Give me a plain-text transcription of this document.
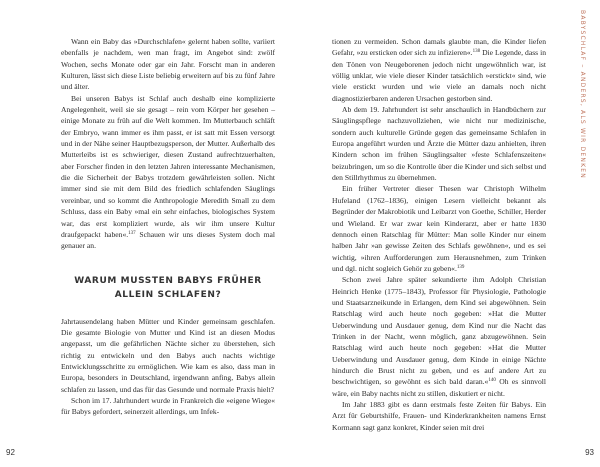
Wann ein Baby das »Durchschlafen« gelernt haben sollte, variiert ebenfalls je nachdem, wen man fragt, im Angebot sind: zwölf Wochen, sechs Monate oder gar ein Jahr. Forscht man in anderen Kulturen, lässt sich diese Liste beliebig erweitern auf bis zu fünf Jahre und älter.

Bei unseren Babys ist Schlaf auch deshalb eine komplizierte Angelegenheit, weil sie sie gesagt – rein vom Körper her gesehen – einige Monate zu früh auf die Welt kommen. Im Mutterbauch schläft der Embryo, wann immer es ihm passt, er ist satt mit Essen versorgt und in der Nähe seiner Hauptbezugsperson, der Mutter. Außerhalb des Mutterleibs ist es schwieriger, diesen Zustand aufrechtzuerhalten, aber Forscher finden in den letzten Jahren interessante Mechanismen, die die Sicherheit der Babys trotzdem gewährleisten sollen. Nicht immer sind sie mit dem Bild des friedlich schlafenden Säuglings vereinbar, und so kommt die Anthropologie Meredith Small zu dem Schluss, dass ein Baby »mal ein sehr einfaches, biologisches System war, das erst kompliziert wurde, als wir ihm unsere Kultur draufgepackt haben«.$^{137}$ Schauen wir uns dieses System doch mal genauer an.

WARUM MUSSTEN BABYS FRÜHER
ALLEIN SCHLAFEN?

Jahrtausendelang haben Mütter und Kinder gemeinsam geschlafen. Die gesamte Biologie von Mutter und Kind ist an diesen Modus angepasst, um die gefährlichen Nächte sicher zu überstehen, sich richtig zu entwickeln und den Babys auch nachts wichtige Entwicklungsschritte zu ermöglichen. Wie kam es also, dass man in Europa, besonders in Deutschland, irgendwann anfing, Babys allein schlafen zu lassen, und das für das Gesunde und normale Praxis hielt?

Schon im 17. Jahrhundert wurde in Frankreich die »eigene Wiege« für Babys gefordert, seinerzeit allerdings, um Infek-

92

tionen zu vermeiden. Schon damals glaubte man, die Kinder liefen Gefahr, »zu ersticken oder sich zu infizieren«.$^{138}$ Die Legende, dass in den Tönen von Neugeborenen jedoch nicht ungewöhnlich war, ist völlig unklar, wie viele dieser Kinder tatsächlich »erstickt« sind, wie viele erstickt wurden und wie viele an damals noch nicht diagnostizierbaren anderen Ursachen gestorben sind.

Ab dem 19. Jahrhundert ist sehr anschaulich in Handbüchern zur Säuglingspflege nachzuvollziehen, wie nicht nur medizinische, sondern auch kulturelle Gründe gegen das gemeinsame Schlafen in Europa angeführt wurden und Ärzte die Mütter dazu anhielten, ihren Kindern schon im frühen Säuglingsalter »feste Schlafenszeiten« beizubringen, um so die Kontrolle über die Kinder und sich selbst und den Stillrhythmus zu übernehmen.

Ein früher Vertreter dieser Thesen war Christoph Wilhelm Hufeland (1762–1836), einigen Lesern vielleicht bekannt als Begründer der Makrobiotik und Leibarzt von Goethe, Schiller, Herder und Wieland. Er war zwar kein Kinderarzt, aber er hatte 1830 dennoch einen Ratschlag für Mütter: Man solle Kinder nur einem halben Jahr »an gewisse Zeiten des Schlafs gewöhnen«, und es sei wichtig, »ihren Aufforderungen zum Herausnehmen, zum Trinken und dgl. nicht sogleich Gehör zu geben«.$^{139}$

Schon zwei Jahre später sekundierte ihm Adolph Christian Heinrich Henke (1775–1843), Professor für Physiologie, Pathologie und Staatsarzneikunde in Erlangen, dem Kind sei abgewöhnen. Sein Ratschlag wird auch heute noch gegeben: »Hat die Mutter Ueberwindung und Ausdauer genug, dem Kind nur die Nacht das Trinken in der Nacht, wenn möglich, ganz abzugewöhnen. Sein Ratschlag wird auch heute noch gegeben: »Hat die Mutter Ueberwindung und Ausdauer genug, dem Kinde in einige Nächte hindurch die Brust nicht zu geben, und es auf andere Art zu beschwichtigen, so gewöhnt es sich bald daran.«$^{140}$ Oh es sinnvoll wäre, ein Baby nachts nicht zu stillen, diskutiert er nicht.

Im Jahr 1883 gibt es dann erstmals feste Zeiten für Babys. Ein Arzt für Geburtshilfe, Frauen- und Kinderkrankheiten namens Ernst Kormann sagt ganz konkret, Kinder seien mit drei

BABYSCHLAF – ANDERS, ALS WIR DENKEN
93
